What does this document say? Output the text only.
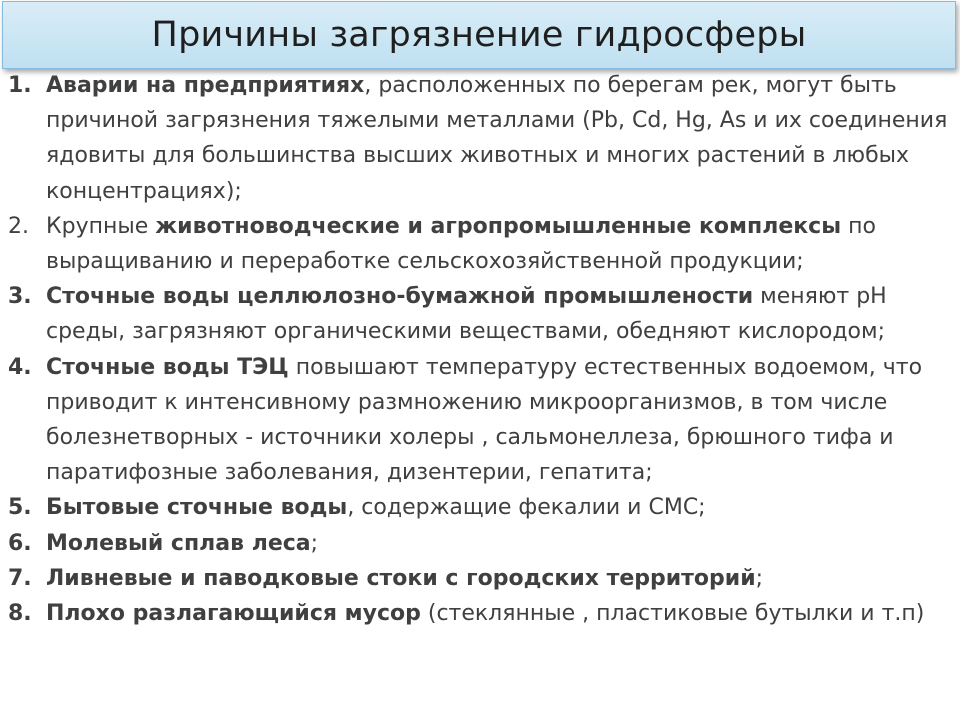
Причины загрязнение гидросферы
1. Аварии на предприятиях, расположенных по берегам рек, могут быть причиной загрязнения тяжелыми металлами (Pb, Cd, Hg, As и их соединения ядовиты для большинства высших животных и многих растений в любых концентрациях);
2. Крупные животноводческие и агропромышленные комплексы по выращиванию и переработке сельскохозяйственной продукции;
3. Сточные воды целлюлозно-бумажной промышлености меняют рН среды, загрязняют органическими веществами, обедняют кислородом;
4. Сточные воды ТЭЦ повышают температуру естественных водоемом, что приводит к интенсивному размножению микроорганизмов, в том числе болезнетворных - источники холеры , сальмонеллеза, брюшного тифа и паратифозные заболевания, дизентерии, гепатита;
5. Бытовые сточные воды, содержащие фекалии и СМС;
6. Молевый сплав леса;
7. Ливневые и паводковые стоки с городских территорий;
8. Плохо разлагающийся мусор (стеклянные , пластиковые бутылки и т.п)
